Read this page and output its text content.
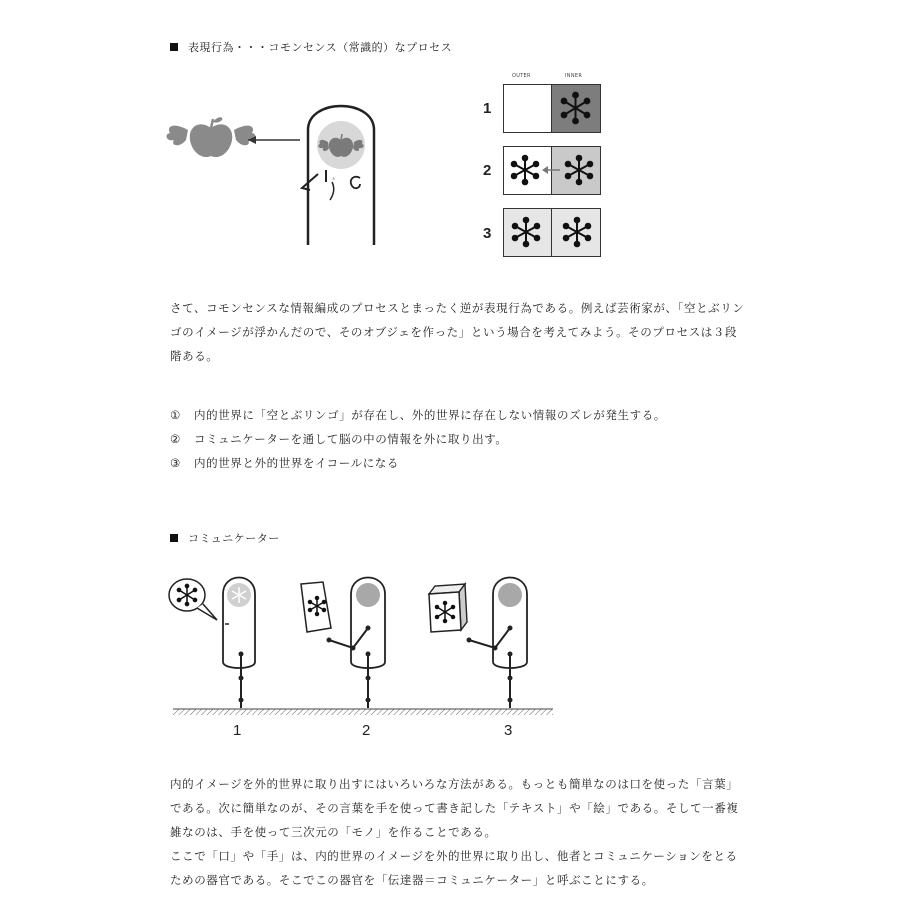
表現行為・・・コモンセンス（常識的）なプロセス
*
OUTER	INNER
1
2
3
さて、コモンセンスな情報編成のプロセスとまったく逆が表現行為である。例えば芸術家が、「空とぶリン
ゴのイメージが浮かんだので、そのオブジェを作った」という場合を考えてみよう。そのプロセスは３段
階ある。
① 内的世界に「空とぶリンゴ」が存在し、外的世界に存在しない情報のズレが発生する。
② コミュニケーターを通して脳の中の情報を外に取り出す。
③ 内的世界と外的世界をイコールになる
コミュニケーター
1	2	3
内的イメージを外的世界に取り出すにはいろいろな方法がある。もっとも簡単なのは口を使った「言葉」
である。次に簡単なのが、その言葉を手を使って書き記した「テキスト」や「絵」である。そして一番複
雑なのは、手を使って三次元の「モノ」を作ることである。
ここで「口」や「手」は、内的世界のイメージを外的世界に取り出し、他者とコミュニケーションをとる
ための器官である。そこでこの器官を「伝達器＝コミュニケーター」と呼ぶことにする。
